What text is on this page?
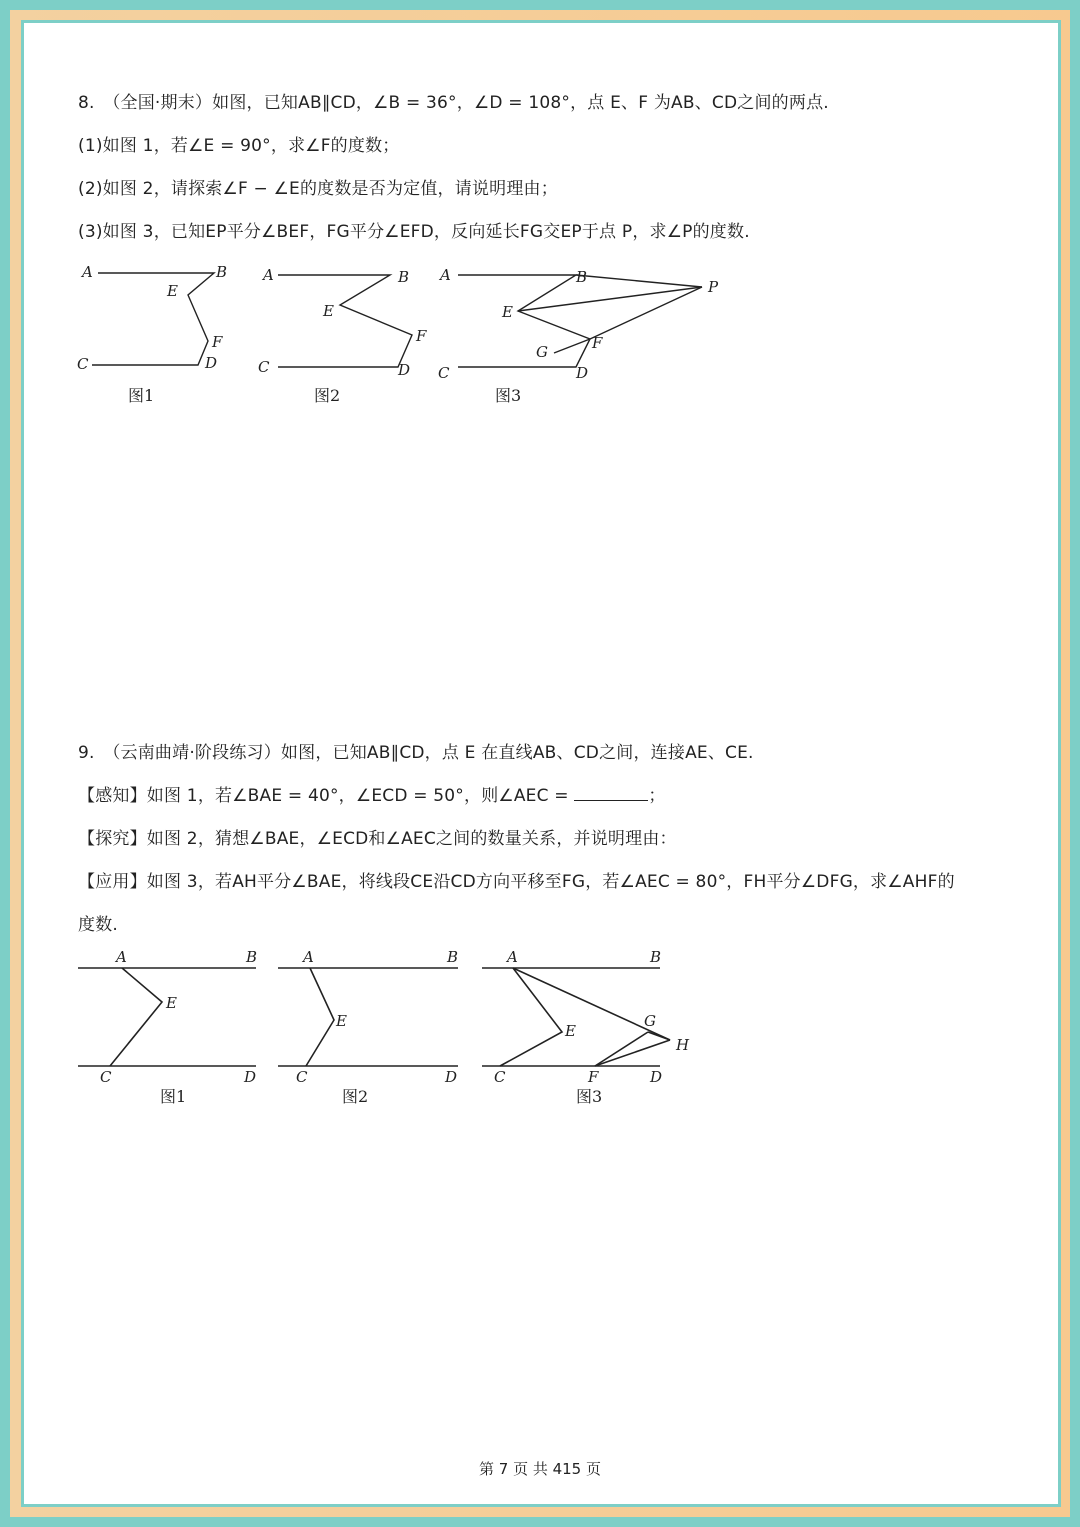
8.　（全国·期末）如图，已知AB∥CD，∠B = 36°，∠D = 108°，点 E、F 为AB、CD之间的两点.
(1)如图 1，若∠E = 90°，求∠F的度数；
(2)如图 2，请探索∠F − ∠E的度数是否为定值，请说明理由；
(3)如图 3，已知EP平分∠BEF，FG平分∠EFD，反向延长FG交EP于点 P，求∠P的度数.
A	B
E
F
C	D
图1
A	B
E
F
C	D
图2
A	B
E
P
G	F
C	D
图3
9.　（云南曲靖·阶段练习）如图，已知AB∥CD，点 E 在直线AB、CD之间，连接AE、CE.
【感知】如图 1，若∠BAE = 40°，∠ECD = 50°，则∠AEC =	；
【探究】如图 2，猜想∠BAE，∠ECD和∠AEC之间的数量关系，并说明理由：
【应用】如图 3，若AH平分∠BAE，将线段CE沿CD方向平移至FG，若∠AEC = 80°，FH平分∠DFG，求∠AHF的
度数.
A	B
E
C	D
图1
A	B
E
C	D
图2
A	B
E
G
H
C	F	D
图3
第 7 页 共 415 页
